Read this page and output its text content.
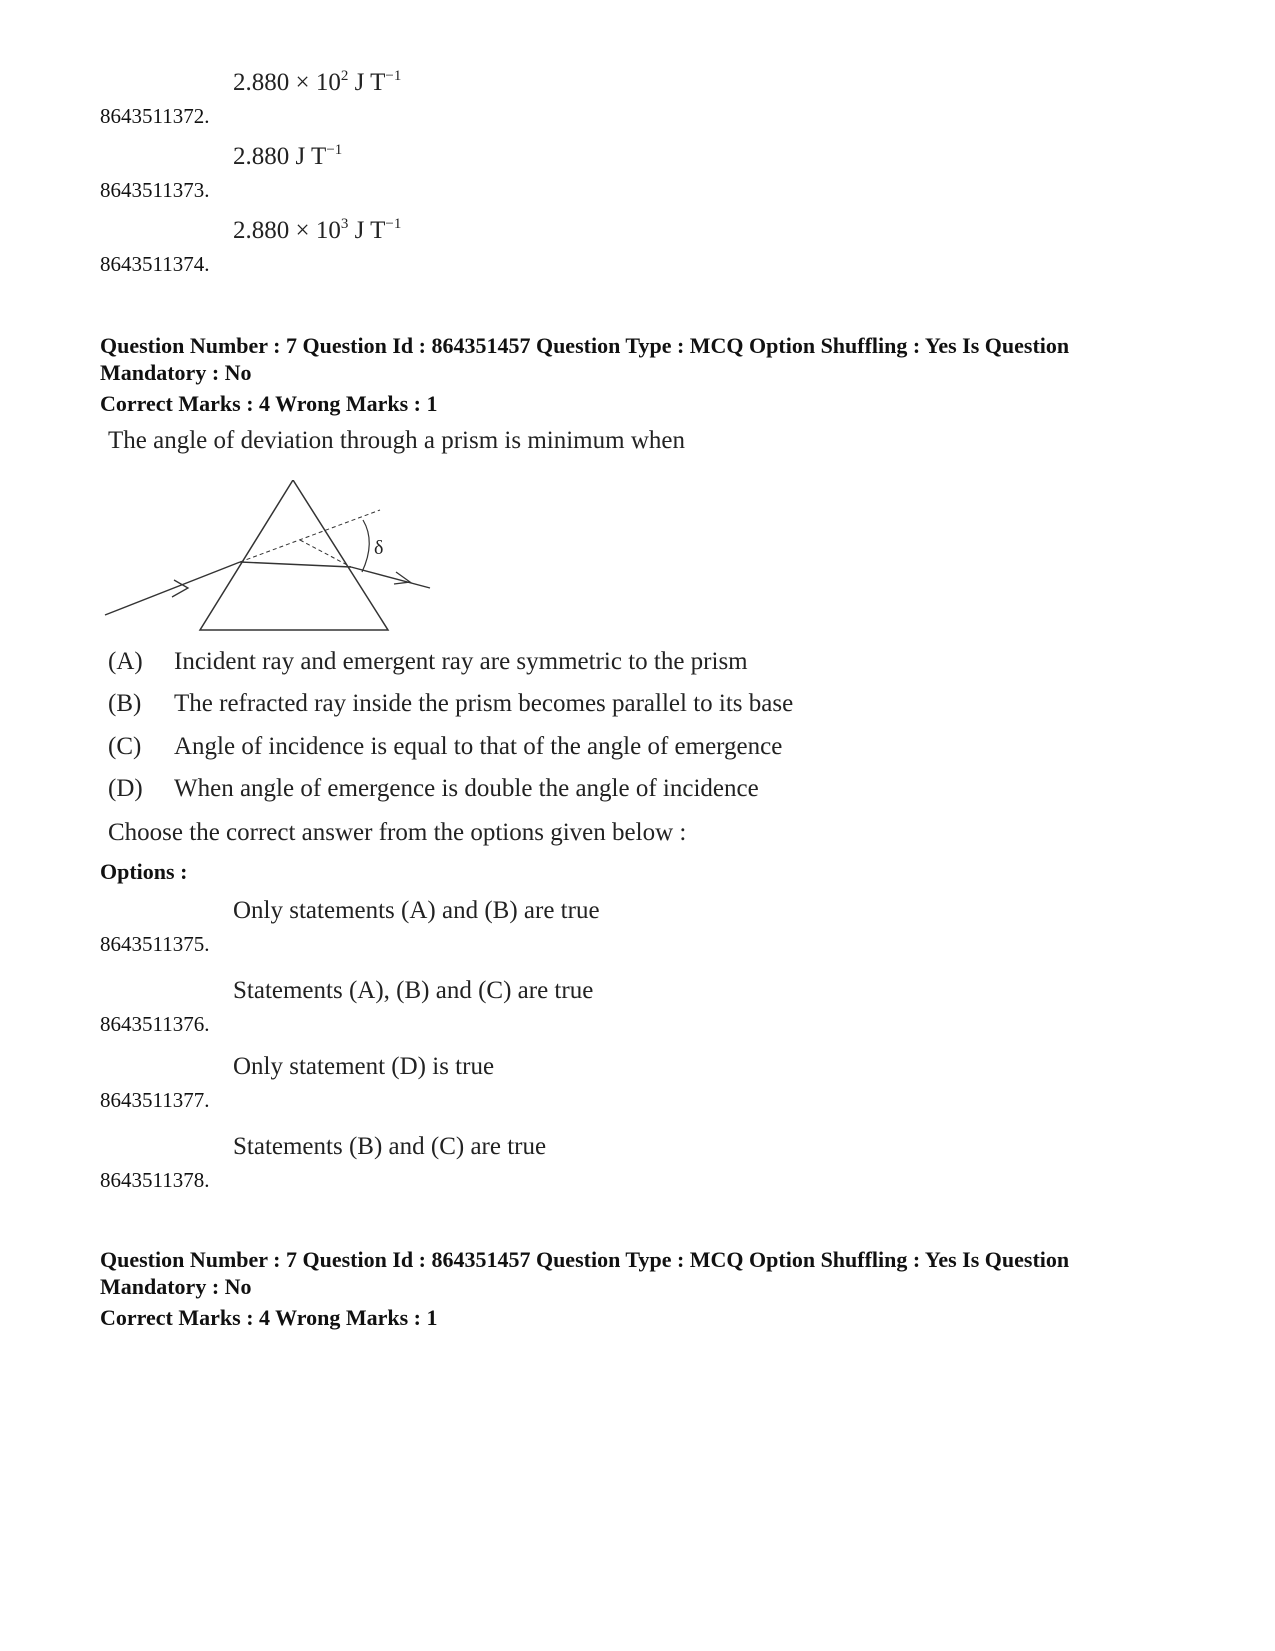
8643511372.
$2.880 \times 10^2$ J $T^{-1}$
8643511373.
2.880 J $T^{-1}$
8643511374.
$2.880 \times 10^3$ J $T^{-1}$
Question Number : 7 Question Id : 864351457 Question Type : MCQ Option Shuffling : Yes Is Question
Mandatory : No
Correct Marks : 4 Wrong Marks : 1
The angle of deviation through a prism is minimum when
δ
(A) Incident ray and emergent ray are symmetric to the prism
(B) The refracted ray inside the prism becomes parallel to its base
(C) Angle of incidence is equal to that of the angle of emergence
(D) When angle of emergence is double the angle of incidence
Choose the correct answer from the options given below :
Options :
8643511375.
Only statements (A) and (B) are true
8643511376.
Statements (A), (B) and (C) are true
8643511377.
Only statement (D) is true
8643511378.
Statements (B) and (C) are true
Question Number : 7 Question Id : 864351457 Question Type : MCQ Option Shuffling : Yes Is Question
Mandatory : No
Correct Marks : 4 Wrong Marks : 1
